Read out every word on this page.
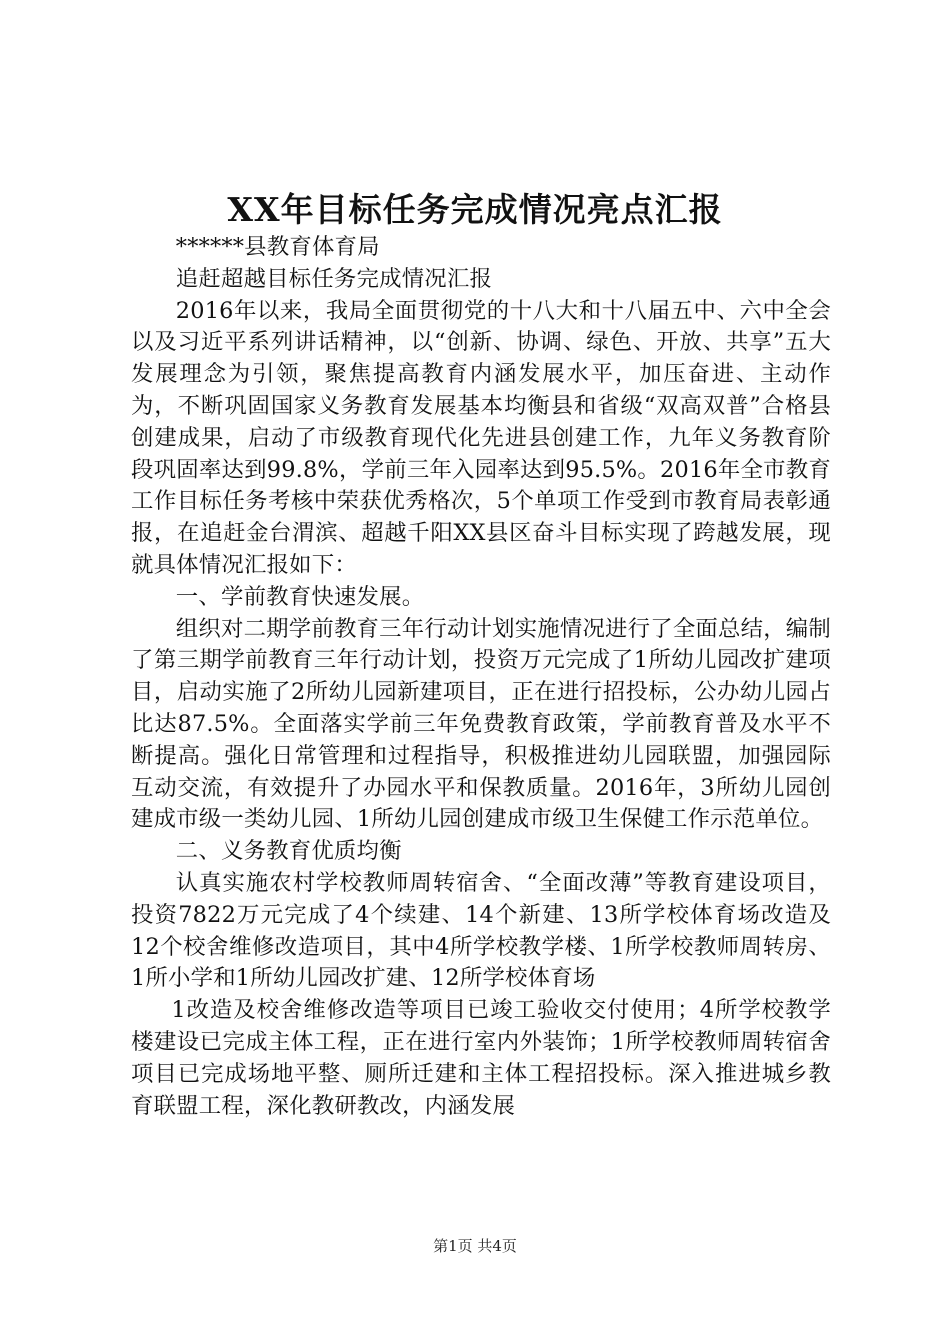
XX年目标任务完成情况亮点汇报

******县教育体育局

追赶超越目标任务完成情况汇报

2016年以来，我局全面贯彻党的十八大和十八届五中、六中全会以及习近平系列讲话精神，以“创新、协调、绿色、开放、共享”五大发展理念为引领，聚焦提高教育内涵发展水平，加压奋进、主动作为，不断巩固国家义务教育发展基本均衡县和省级“双高双普”合格县创建成果，启动了市级教育现代化先进县创建工作，九年义务教育阶段巩固率达到99.8%，学前三年入园率达到95.5%。2016年全市教育工作目标任务考核中荣获优秀格次，5个单项工作受到市教育局表彰通报，在追赶金台渭滨、超越千阳XX县区奋斗目标实现了跨越发展，现就具体情况汇报如下：

一、学前教育快速发展。

组织对二期学前教育三年行动计划实施情况进行了全面总结，编制了第三期学前教育三年行动计划，投资万元完成了1所幼儿园改扩建项目，启动实施了2所幼儿园新建项目，正在进行招投标，公办幼儿园占比达87.5%。全面落实学前三年免费教育政策，学前教育普及水平不断提高。强化日常管理和过程指导，积极推进幼儿园联盟，加强园际互动交流，有效提升了办园水平和保教质量。2016年，3所幼儿园创建成市级一类幼儿园、1所幼儿园创建成市级卫生保健工作示范单位。

二、义务教育优质均衡

认真实施农村学校教师周转宿舍、“全面改薄”等教育建设项目，投资7822万元完成了4个续建、14个新建、13所学校体育场改造及12个校舍维修改造项目，其中4所学校教学楼、1所学校教师周转房、1所小学和1所幼儿园改扩建、12所学校体育场

1改造及校舍维修改造等项目已竣工验收交付使用；4所学校教学楼建设已完成主体工程，正在进行室内外装饰；1所学校教师周转宿舍项目已完成场地平整、厕所迁建和主体工程招投标。深入推进城乡教育联盟工程，深化教研教改，内涵发展

第1页 共4页
